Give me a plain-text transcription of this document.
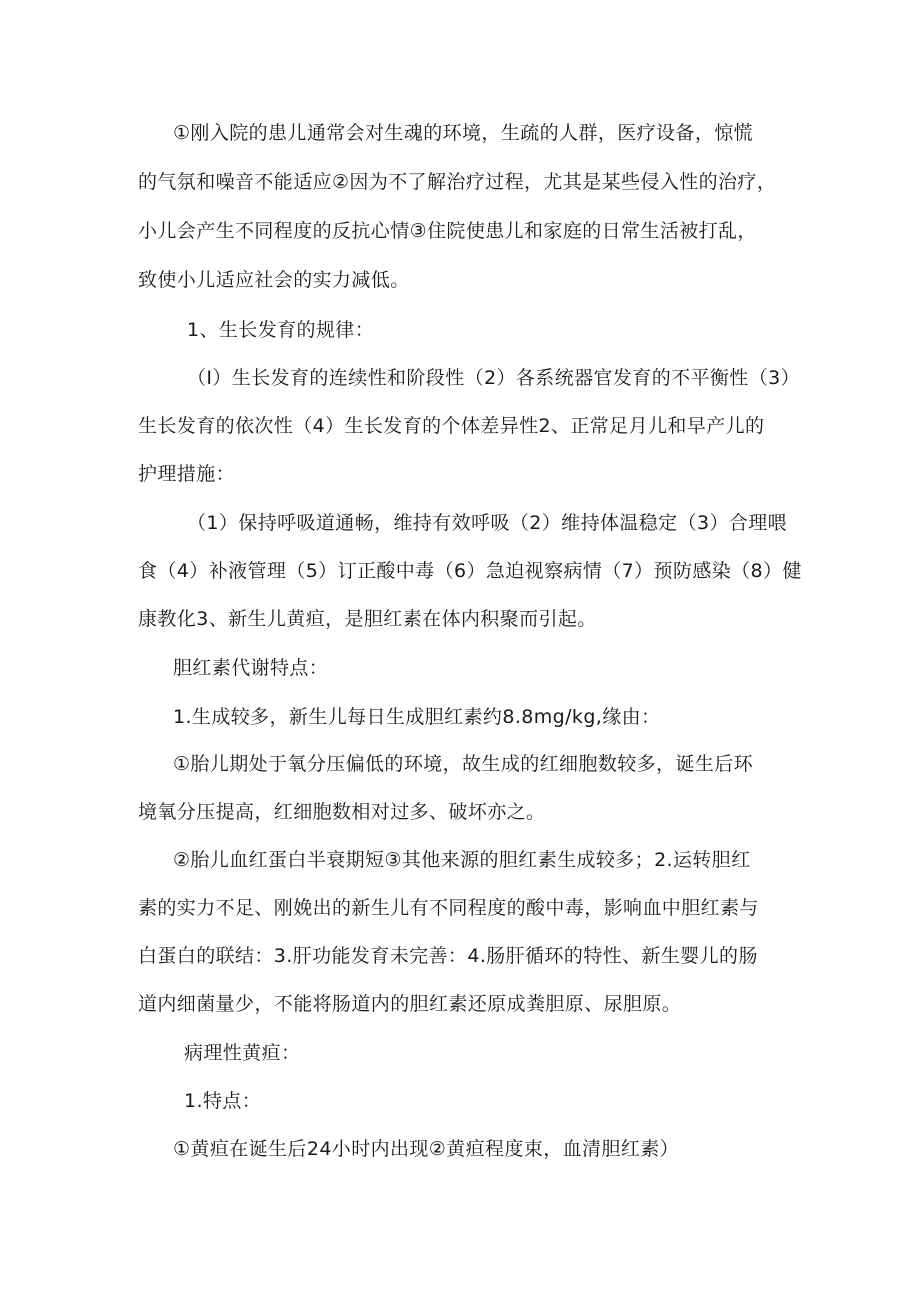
①刚入院的患儿通常会对生魂的环境，生疏的人群，医疗设备，惊慌
的气氛和噪音不能适应②因为不了解治疗过程，尤其是某些侵入性的治疗，
小儿会产生不同程度的反抗心情③住院使患儿和家庭的日常生活被打乱，
致使小儿适应社会的实力减低。
1、生长发育的规律：
（I）生长发育的连续性和阶段性（2）各系统器官发育的不平衡性（3）
生长发育的依次性（4）生长发育的个体差异性2、正常足月儿和早产儿的
护理措施：
（1）保持呼吸道通畅，维持有效呼吸（2）维持体温稳定（3）合理喂
食（4）补液管理（5）订正酸中毒（6）急迫视察病情（7）预防感染（8）健
康教化3、新生儿黄疸，是胆红素在体内积聚而引起。
胆红素代谢特点：
1.生成较多，新生儿每日生成胆红素约8.8mg∕kg,缘由：
①胎儿期处于氧分压偏低的环境，故生成的红细胞数较多，诞生后环
境氧分压提高，红细胞数相对过多、破坏亦之。
②胎儿血红蛋白半衰期短③其他来源的胆红素生成较多；2.运转胆红
素的实力不足、刚娩出的新生儿有不同程度的酸中毒，影响血中胆红素与
白蛋白的联结：3.肝功能发育未完善：4.肠肝循环的特性、新生婴儿的肠
道内细菌量少，不能将肠道内的胆红素还原成粪胆原、尿胆原。
病理性黄疸：
1.特点：
①黄疸在诞生后24小时内出现②黄疸程度束，血清胆红素）
